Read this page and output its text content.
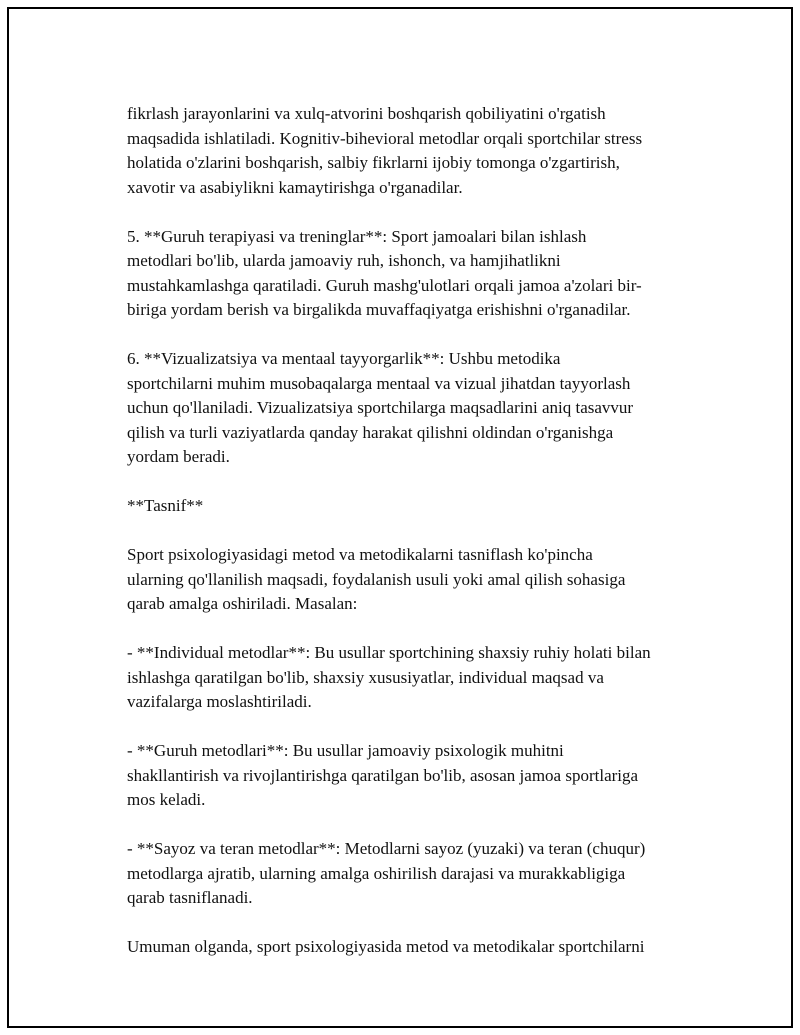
fikrlash jarayonlarini va xulq-atvorini boshqarish qobiliyatini o'rgatish
maqsadida ishlatiladi. Kognitiv-bihevioral metodlar orqali sportchilar stress
holatida o'zlarini boshqarish, salbiy fikrlarni ijobiy tomonga o'zgartirish,
xavotir va asabiylikni kamaytirishga o'rganadilar.

5. **Guruh terapiyasi va treninglar**: Sport jamoalari bilan ishlash
metodlari bo'lib, ularda jamoaviy ruh, ishonch, va hamjihatlikni
mustahkamlashga qaratiladi. Guruh mashg'ulotlari orqali jamoa a'zolari bir-
biriga yordam berish va birgalikda muvaffaqiyatga erishishni o'rganadilar.

6. **Vizualizatsiya va mentaal tayyorgarlik**: Ushbu metodika
sportchilarni muhim musobaqalarga mentaal va vizual jihatdan tayyorlash
uchun qo'llaniladi. Vizualizatsiya sportchilarga maqsadlarini aniq tasavvur
qilish va turli vaziyatlarda qanday harakat qilishni oldindan o'rganishga
yordam beradi.

**Tasnif**

Sport psixologiyasidagi metod va metodikalarni tasniflash ko'pincha
ularning qo'llanilish maqsadi, foydalanish usuli yoki amal qilish sohasiga
qarab amalga oshiriladi. Masalan:

- **Individual metodlar**: Bu usullar sportchining shaxsiy ruhiy holati bilan
ishlashga qaratilgan bo'lib, shaxsiy xususiyatlar, individual maqsad va
vazifalarga moslashtiriladi.

- **Guruh metodlari**: Bu usullar jamoaviy psixologik muhitni
shakllantirish va rivojlantirishga qaratilgan bo'lib, asosan jamoa sportlariga
mos keladi.

- **Sayoz va teran metodlar**: Metodlarni sayoz (yuzaki) va teran (chuqur)
metodlarga ajratib, ularning amalga oshirilish darajasi va murakkabligiga
qarab tasniflanadi.

Umuman olganda, sport psixologiyasida metod va metodikalar sportchilarni
